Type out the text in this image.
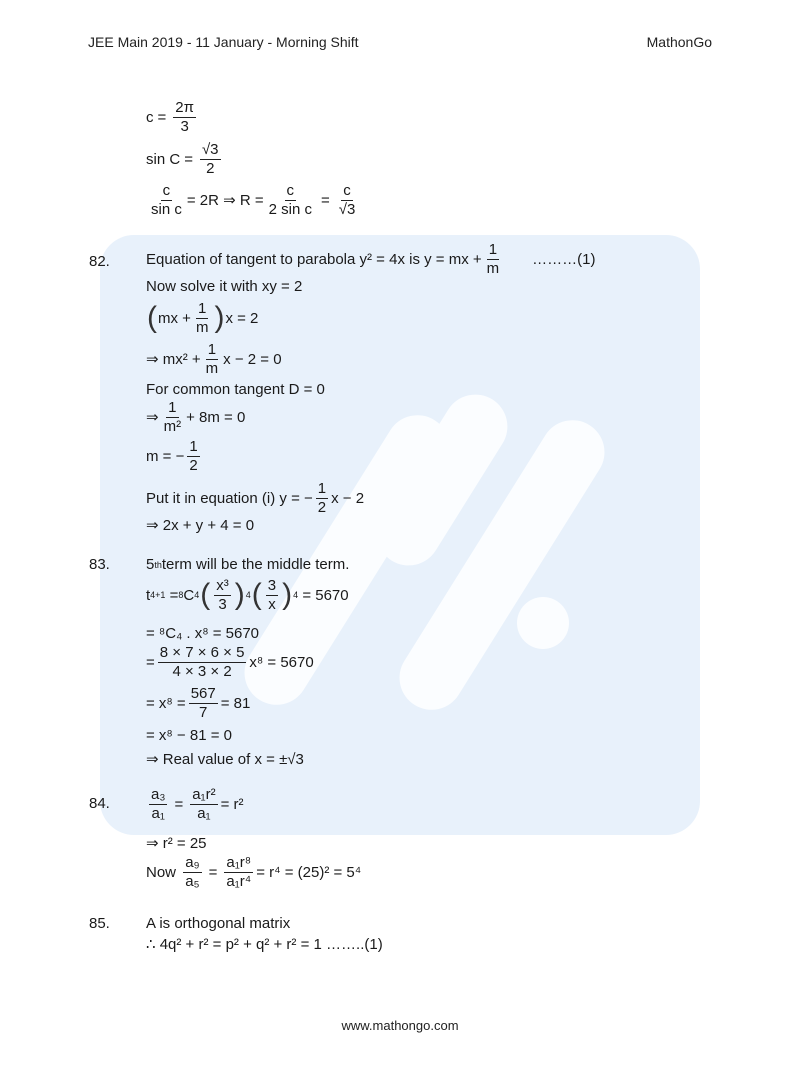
JEE Main 2019 - 11 January - Morning Shift	MathonGo
$c = \frac{2\pi}{3}$
$\sin C = \frac{√3}{2}$
$\frac{c}{\text{sin c}} = 2R$ ⇒ $R = \frac{c}{\text{2 sin c}} = \frac{c}{√3}$
82. Equation of tangent to parabola
y² = 4x
is
y = mx + $\frac{1}{m}$ ………(1)
Now solve it with
xy = 2
( mx + $\frac{1}{m}$ ) x = 2
⇒ $mx^2 + \frac{1}{m}$ x − 2 = 0
For common tangent D = 0
⇒ $\frac{1}{\text{m²}} + 8m = 0$
m = − $\frac{1}{2}$
Put it in equation (i)
y = − $\frac{1}{2}$ x − 2
⇒ 2x + y + 4 = 0
83. 5 th term will be the middle term.
t 4+1
= 8 C 4 ( $\frac{\text{x³}}{3}$ ) 4 ( $\frac{3}{x}$ ) 4
= 5670
= ⁸C₄ . x⁸ = 5670
= $\frac{8 \times 7 \times 6 \times 5}{4 \times 3 \times 2} x^8 = 5670$
= $x^8 = \frac{567}{7} = 81$
= x⁸ − 81 = 0
⇒ Real value of
x = ±√3
84.	$\frac{\text{a₃}}{\text{a₁}} = \frac{\text{a₁r²}}{\text{a₁}} = r^2$
⇒ r² = 25
Now
$\frac{\text{a₉}}{\text{a₅}} = \frac{\text{a₁r⁸}}{\text{a₁r⁴}} = r^4 = (25)^2 = 5^4$
85. A is orthogonal matrix
∴ 4q² + r² = p² + q² + r² = 1 ……..(1)
www.mathongo.com
